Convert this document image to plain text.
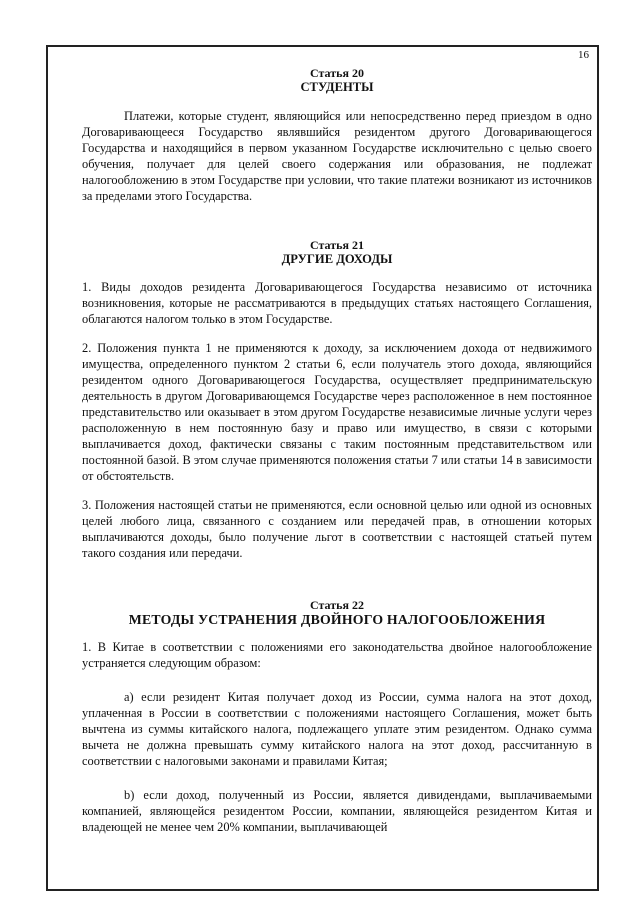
16
Статья 20
СТУДЕНТЫ

Платежи, которые студент, являющийся или непосредственно перед приездом в одно Договаривающееся Государство являвшийся резидентом другого Договаривающегося Государства и находящийся в первом указанном Государстве исключительно с целью своего обучения, получает для целей своего содержания или образования, не подлежат налогообложению в этом Государстве при условии, что такие платежи возникают из источников за пределами этого Государства.

Статья 21
ДРУГИЕ ДОХОДЫ

1. Виды доходов резидента Договаривающегося Государства независимо от источника возникновения, которые не рассматриваются в предыдущих статьях настоящего Соглашения, облагаются налогом только в этом Государстве.

2. Положения пункта 1 не применяются к доходу, за исключением дохода от недвижимого имущества, определенного пунктом 2 статьи 6, если получатель этого дохода, являющийся резидентом одного Договаривающегося Государства, осуществляет предпринимательскую деятельность в другом Договаривающемся Государстве через расположенное в нем постоянное представительство или оказывает в этом другом Государстве независимые личные услуги через расположенную в нем постоянную базу и право или имущество, в связи с которыми выплачивается доход, фактически связаны с таким постоянным представительством или постоянной базой. В этом случае применяются положения статьи 7 или статьи 14 в зависимости от обстоятельств.

3. Положения настоящей статьи не применяются, если основной целью или одной из основных целей любого лица, связанного с созданием или передачей прав, в отношении которых выплачиваются доходы, было получение льгот в соответствии с настоящей статьей путем такого создания или передачи.

Статья 22
МЕТОДЫ УСТРАНЕНИЯ ДВОЙНОГО НАЛОГООБЛОЖЕНИЯ

1. В Китае в соответствии с положениями его законодательства двойное налогообложение устраняется следующим образом:

a) если резидент Китая получает доход из России, сумма налога на этот доход, уплаченная в России в соответствии с положениями настоящего Соглашения, может быть вычтена из суммы китайского налога, подлежащего уплате этим резидентом. Однако сумма вычета не должна превышать сумму китайского налога на этот доход, рассчитанную в соответствии с налоговыми законами и правилами Китая;

b) если доход, полученный из России, является дивидендами, выплачиваемыми компанией, являющейся резидентом России, компании, являющейся резидентом Китая и владеющей не менее чем 20% компании, выплачивающей
